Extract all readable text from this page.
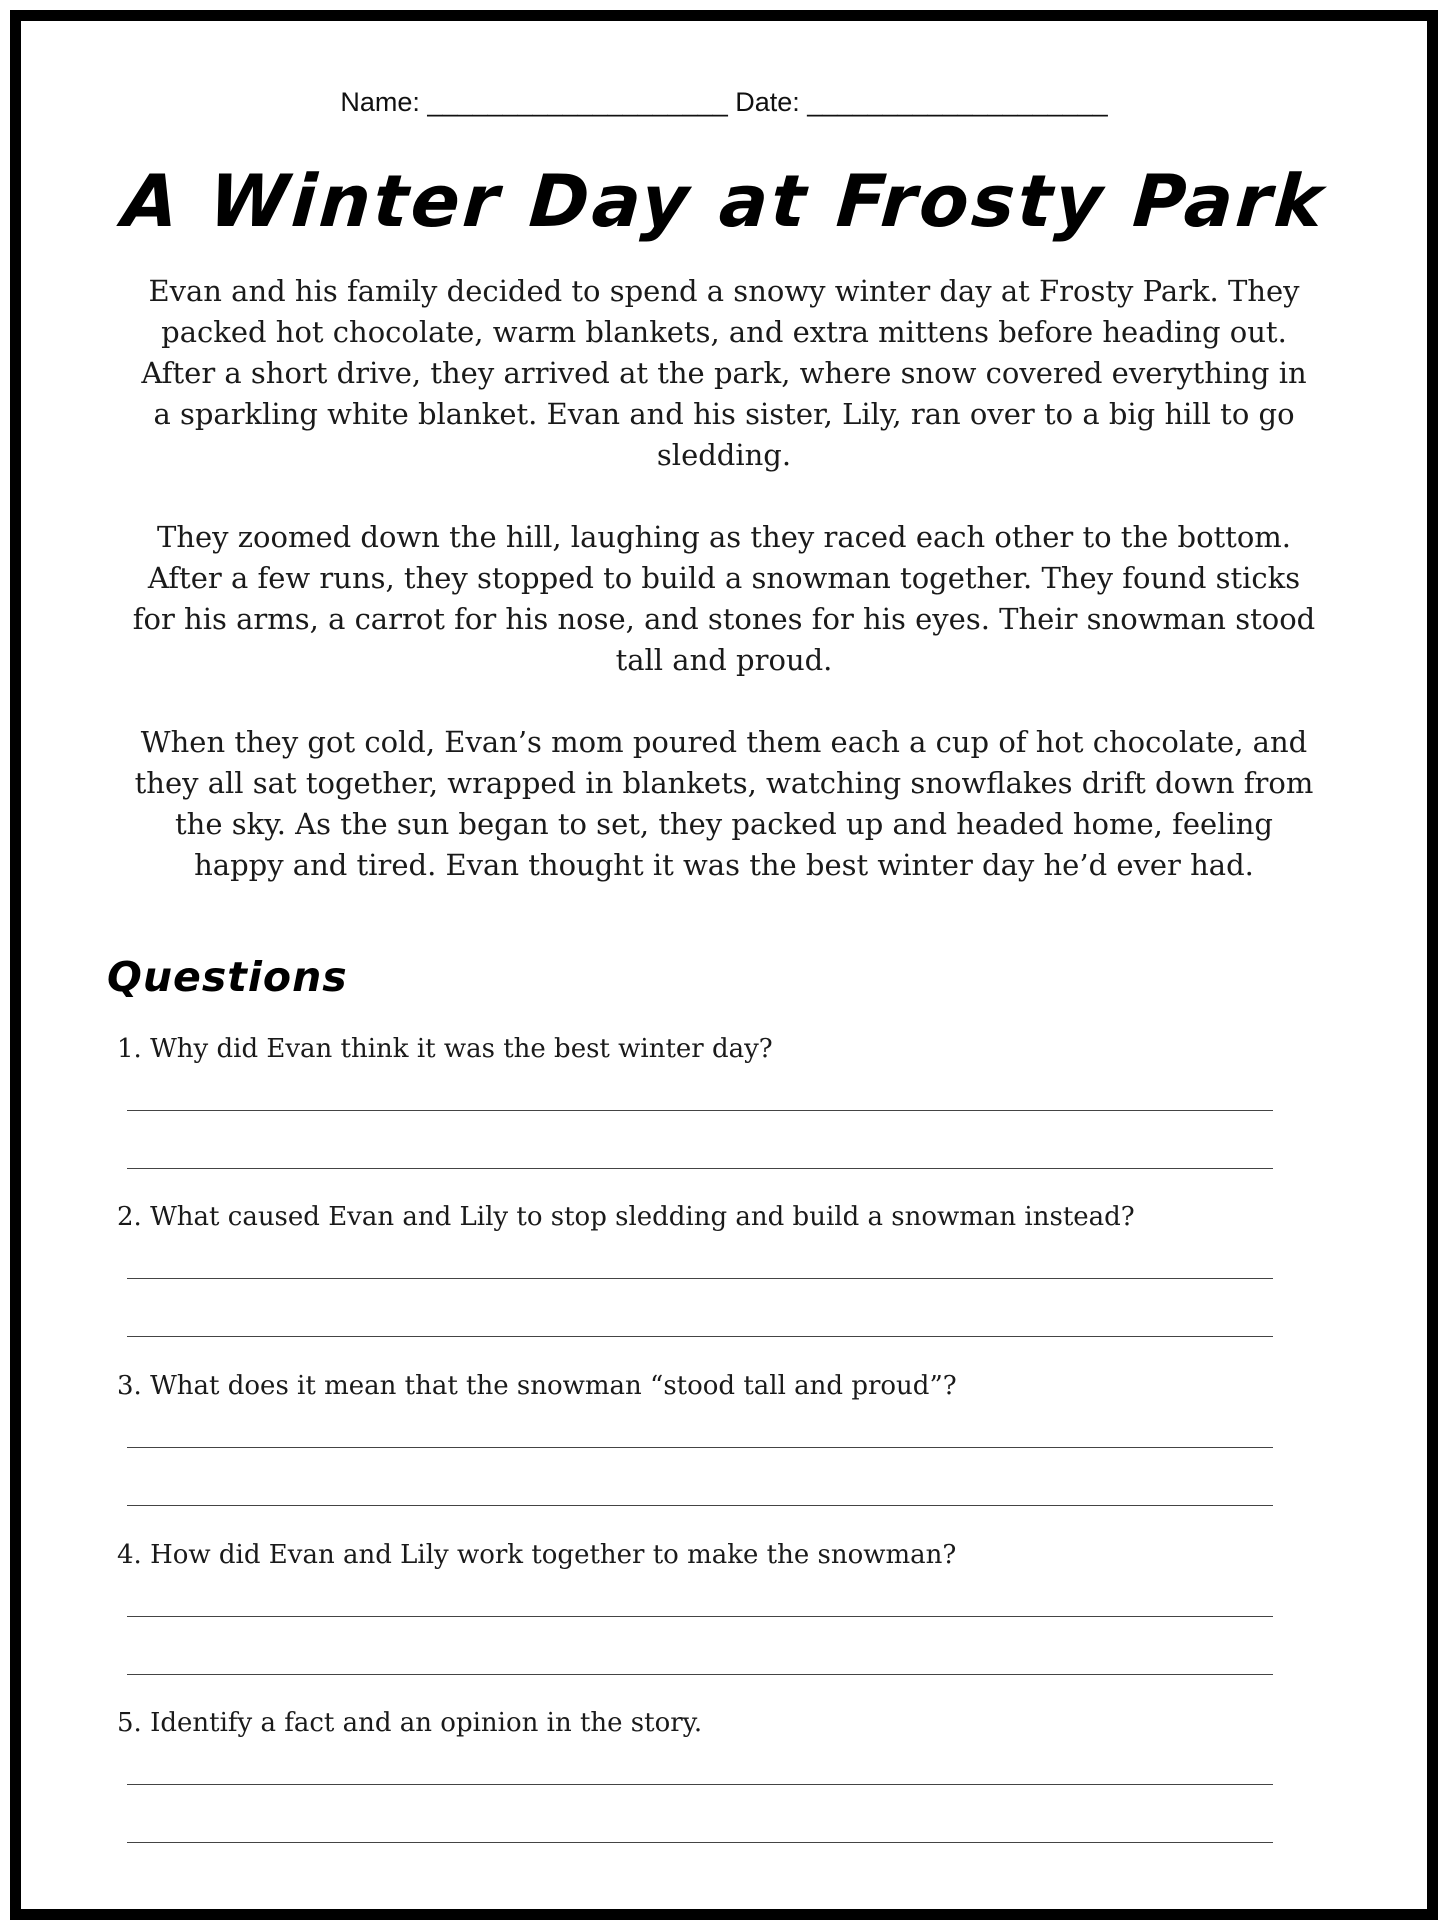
Name: ____________________ Date: ____________________
A Winter Day at Frosty Park

Evan and his family decided to spend a snowy winter day at Frosty Park. They packed hot chocolate, warm blankets, and extra mittens before heading out. After a short drive, they arrived at the park, where snow covered everything in a sparkling white blanket. Evan and his sister, Lily, ran over to a big hill to go sledding.

They zoomed down the hill, laughing as they raced each other to the bottom. After a few runs, they stopped to build a snowman together. They found sticks for his arms, a carrot for his nose, and stones for his eyes. Their snowman stood tall and proud.

When they got cold, Evan’s mom poured them each a cup of hot chocolate, and they all sat together, wrapped in blankets, watching snowflakes drift down from the sky. As the sun began to set, they packed up and headed home, feeling happy and tired. Evan thought it was the best winter day he’d ever had.

Questions
1. Why did Evan think it was the best winter day?
2. What caused Evan and Lily to stop sledding and build a snowman instead?
3. What does it mean that the snowman “stood tall and proud”?
4. How did Evan and Lily work together to make the snowman?
5. Identify a fact and an opinion in the story.
